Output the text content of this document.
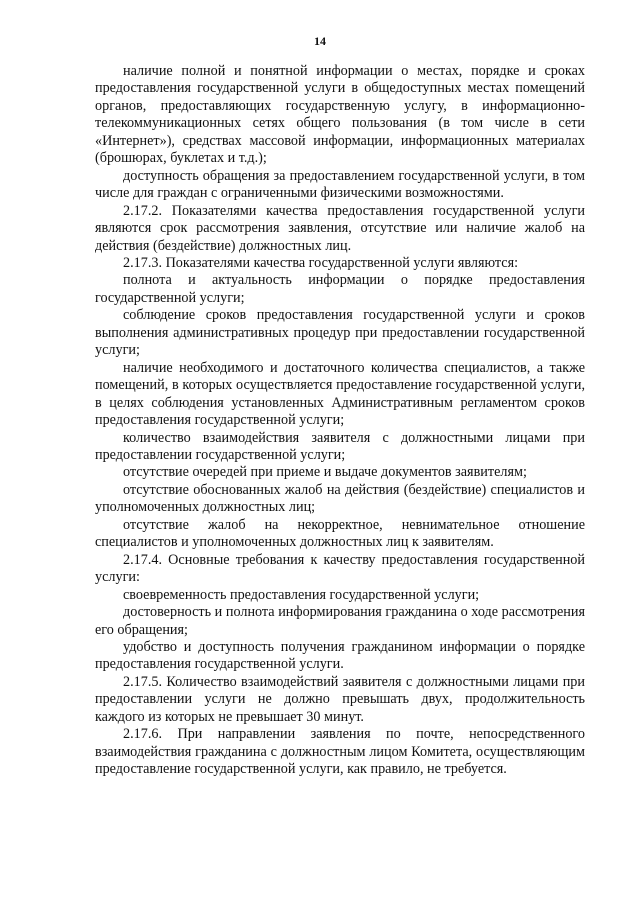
14

наличие полной и понятной информации о местах, порядке и сроках предоставления государственной услуги в общедоступных местах помещений органов, предоставляющих государственную услугу, в информационно-телекоммуникационных сетях общего пользования (в том числе в сети «Интернет»), средствах массовой информации, информационных материалах (брошюрах, буклетах и т.д.);

доступность обращения за предоставлением государственной услуги, в том числе для граждан с ограниченными физическими возможностями.

2.17.2. Показателями качества предоставления государственной услуги являются срок рассмотрения заявления, отсутствие или наличие жалоб на действия (бездействие) должностных лиц.

2.17.3. Показателями качества государственной услуги являются:

полнота и актуальность информации о порядке предоставления государственной услуги;

соблюдение сроков предоставления государственной услуги и сроков выполнения административных процедур при предоставлении государственной услуги;

наличие необходимого и достаточного количества специалистов, а также помещений, в которых осуществляется предоставление государственной услуги, в целях соблюдения установленных Административным регламентом сроков предоставления государственной услуги;

количество взаимодействия заявителя с должностными лицами при предоставлении государственной услуги;

отсутствие очередей при приеме и выдаче документов заявителям;

отсутствие обоснованных жалоб на действия (бездействие) специалистов и уполномоченных должностных лиц;

отсутствие жалоб на некорректное, невнимательное отношение специалистов и уполномоченных должностных лиц к заявителям.

2.17.4. Основные требования к качеству предоставления государственной услуги:

своевременность предоставления государственной услуги;

достоверность и полнота информирования гражданина о ходе рассмотрения его обращения;

удобство и доступность получения гражданином информации о порядке предоставления государственной услуги.

2.17.5. Количество взаимодействий заявителя с должностными лицами при предоставлении услуги не должно превышать двух, продолжительность каждого из которых не превышает 30 минут.

2.17.6. При направлении заявления по почте, непосредственного взаимодействия гражданина с должностным лицом Комитета, осуществляющим предоставление государственной услуги, как правило, не требуется.
